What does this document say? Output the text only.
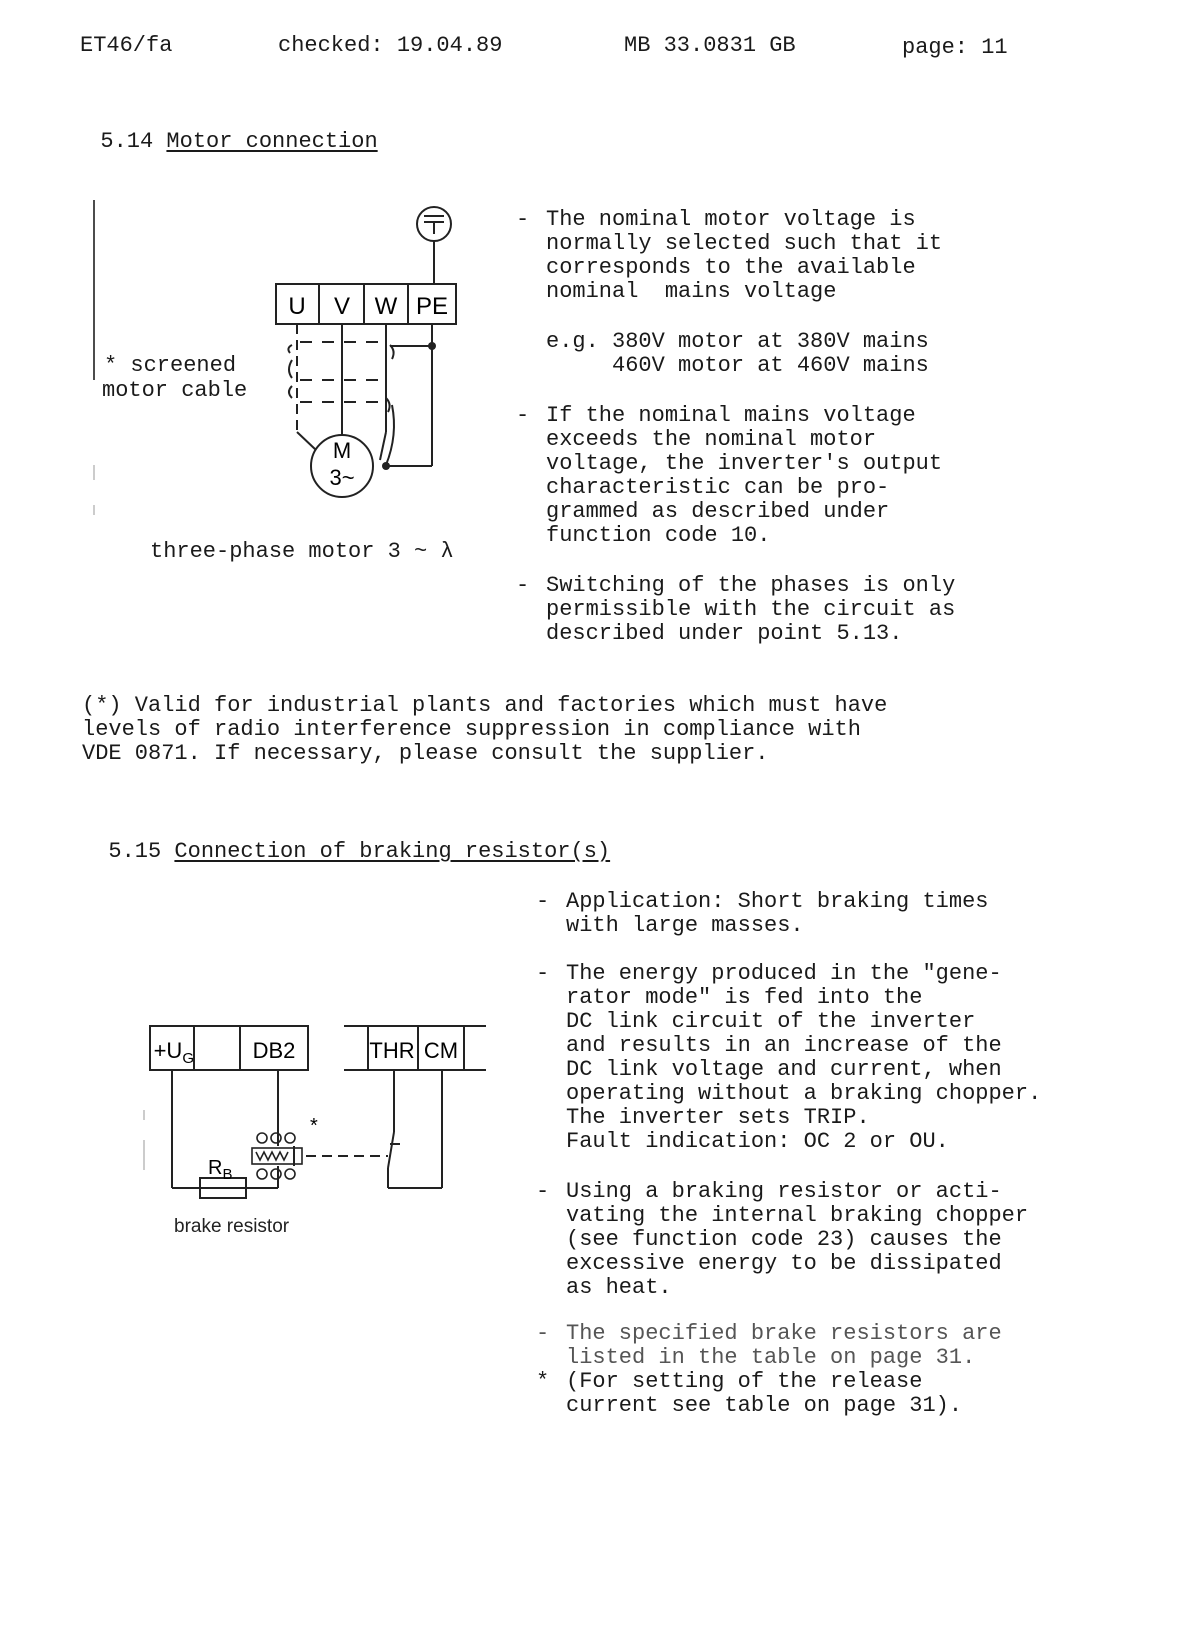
ET46/fa	checked: 19.04.89	MB 33.0831 GB	page: 11

5.14 Motor connection

U V W PE
M
3~
* screened
motor cable
three-phase motor 3 ~ λ

-

The nominal motor voltage is
normally selected such that it
corresponds to the available
nominal  mains voltage

e.g. 380V motor at 380V mains
460V motor at 460V mains

-

If the nominal mains voltage
exceeds the nominal motor
voltage, the inverter's output
characteristic can be pro-
grammed as described under
function code 10.

-

Switching of the phases is only
permissible with the circuit as
described under point 5.13.

(*) Valid for industrial plants and factories which must have
levels of radio interference suppression in compliance with
VDE 0871. If necessary, please consult the supplier.

5.15 Connection of braking resistor(s)

$+U_G$	DB2	THR CM
$R_B$
*
brake resistor

-

Application: Short braking times
with large masses.

-

The energy produced in the "gene-
rator mode" is fed into the
DC link circuit of the inverter
and results in an increase of the
DC link voltage and current, when
operating without a braking chopper.
The inverter sets TRIP.
Fault indication: OC 2 or OU.

-

Using a braking resistor or acti-
vating the internal braking chopper
(see function code 23) causes the
excessive energy to be dissipated
as heat.

-

The specified brake resistors are
listed in the table on page 31.

*

(For setting of the release
current see table on page 31).
